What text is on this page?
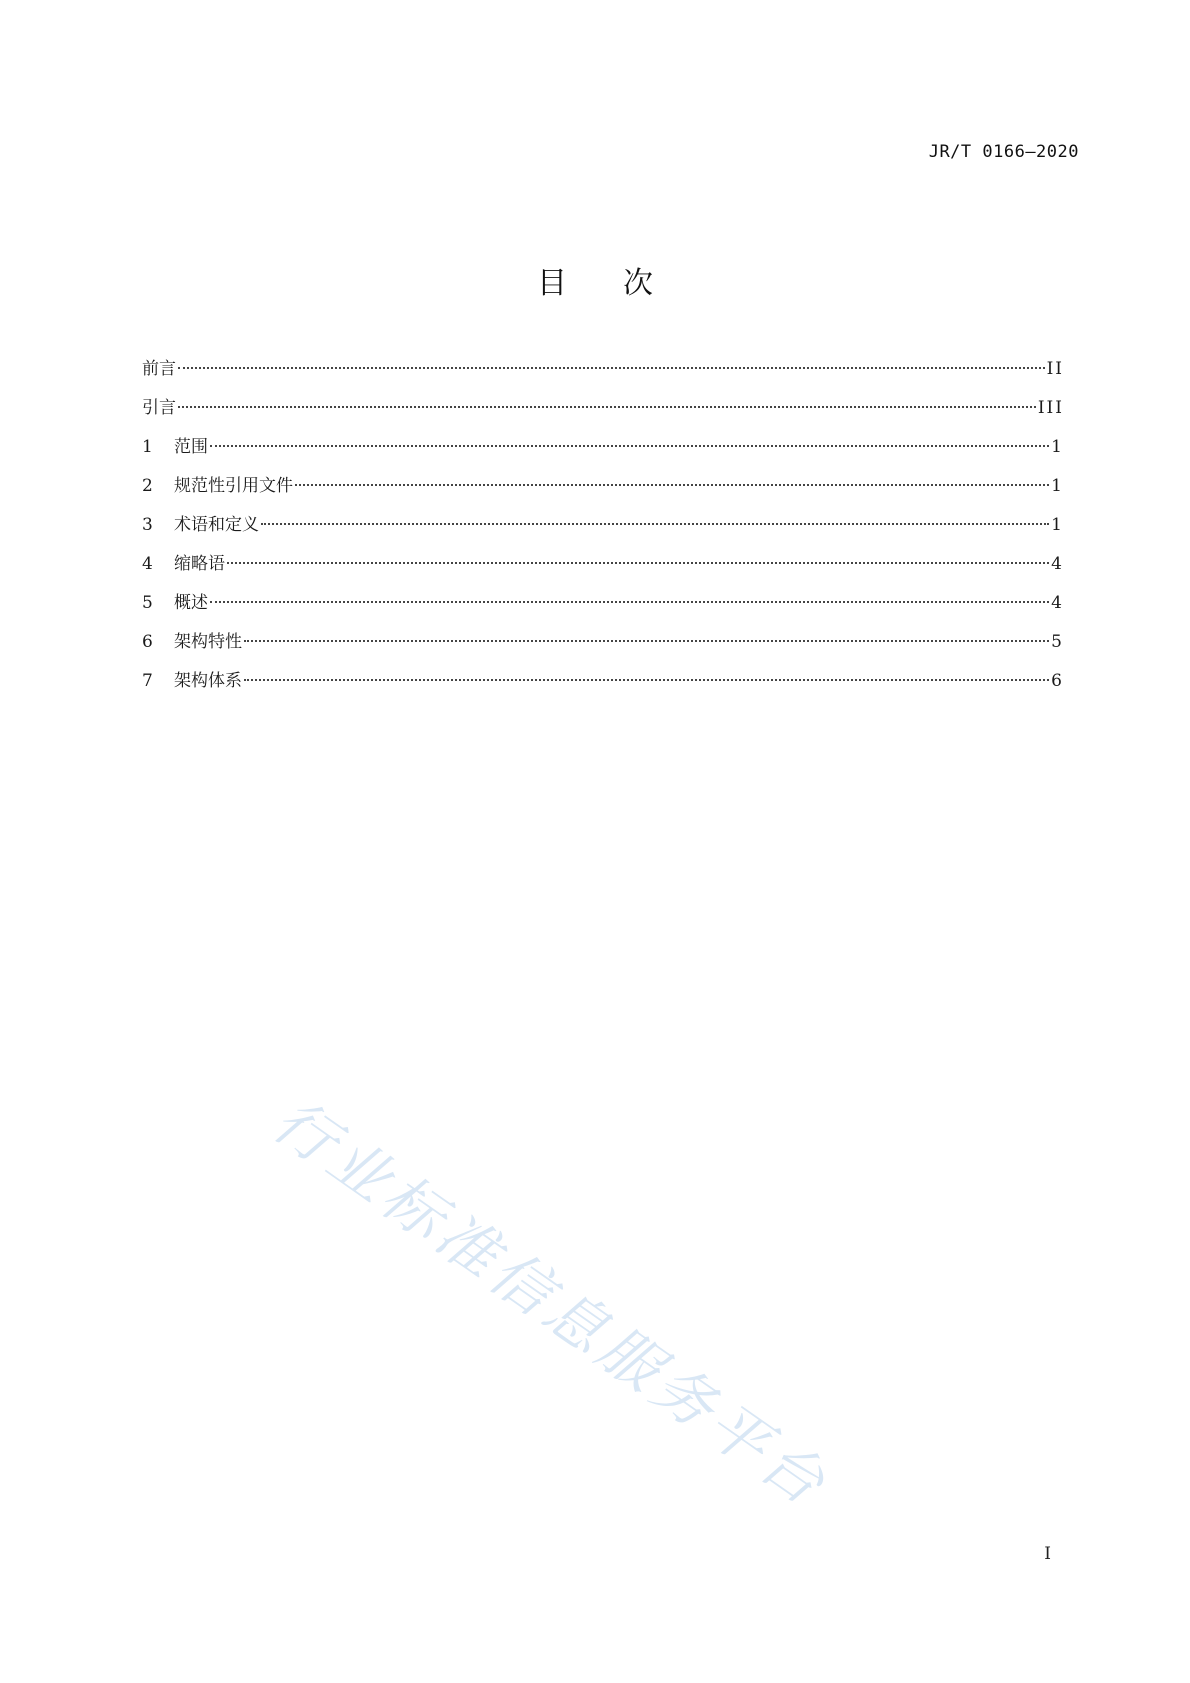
JR/T 0166—2020
目次
前言	II
引言	III
1	范围	1
2	规范性引用文件	1
3	术语和定义	1
4	缩略语	4
5	概述	4
6	架构特性	5
7	架构体系	6
行业标准信息服务平台
I
